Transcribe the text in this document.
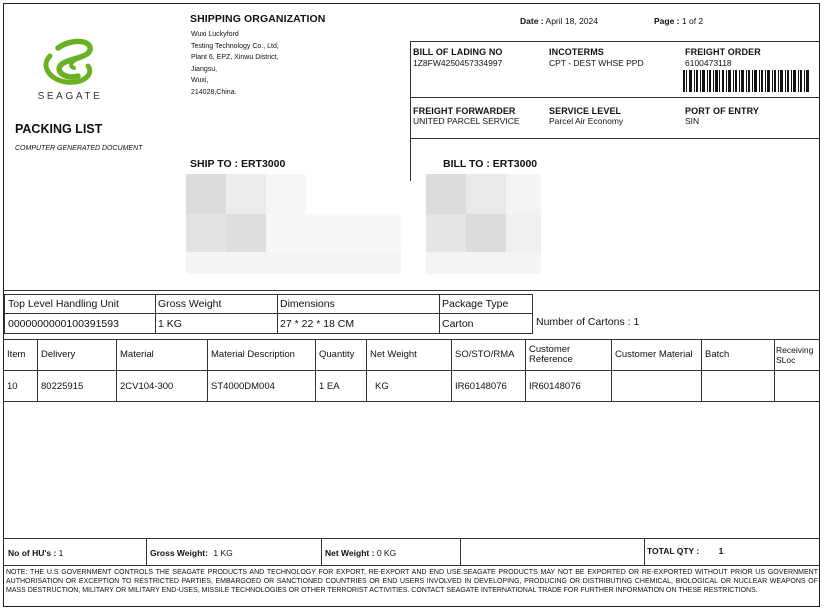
SEAGATE
PACKING LIST
COMPUTER GENERATED DOCUMENT
SHIPPING ORGANIZATION
Wuxi Luckyford
Testing Technology Co., Ltd,
Plant 6, EPZ, Xinwu District,
Jiangsu,
Wuxi,
214028,China.
Date : April 18, 2024	Page : 1 of 2
BILL OF LADING NO
1Z8FW4250457334997
INCOTERMS
CPT - DEST WHSE PPD
FREIGHT ORDER
6100473118
FREIGHT FORWARDER
UNITED PARCEL SERVICE
SERVICE LEVEL
Parcel Air Economy
PORT OF ENTRY
SIN
SHIP TO : ERT3000	BILL TO : ERT3000
Top Level Handling Unit	Gross Weight	Dimensions	Package Type
0000000000100391593	1 KG	27 * 22 * 18 CM	Carton	Number of Cartons : 1
Item	Delivery	Material	Material Description	Quantity	Net Weight	SO/STO/RMA	Customer Reference	Customer Material	Batch	Receiving SLoc
10	80225915	2CV104-300	ST4000DM004	1 EA	KG	IR60148076	IR60148076
No of HU's : 1	Gross Weight: 1 KG	Net Weight : 0 KG	TOTAL QTY : 1
NOTE: THE U.S GOVERNMENT CONTROLS THE SEAGATE PRODUCTS AND TECHNOLOGY FOR EXPORT, RE-EXPORT AND END USE.SEAGATE PRODUCTS MAY NOT BE EXPORTED OR RE-EXPORTED WITHOUT PRIOR US GOVERNMENT AUTHORISATION OR EXCEPTION TO RESTRICTED PARTIES, EMBARGOED OR SANCTIONED COUNTRIES OR END USERS INVOLVED IN DEVELOPING, PRODUCING OR DISTRIBUTING CHEMICAL, BIOLOGICAL OR NUCLEAR WEAPONS OF MASS DESTRUCTION, MILITARY OR MILITARY END-USES, MISSILE TECHNOLOGIES OR OTHER TERRORIST ACTIVITIES. CONTACT SEAGATE INTERNATIONAL TRADE FOR FURTHER INFORMATION ON THESE RESTRICTIONS.
